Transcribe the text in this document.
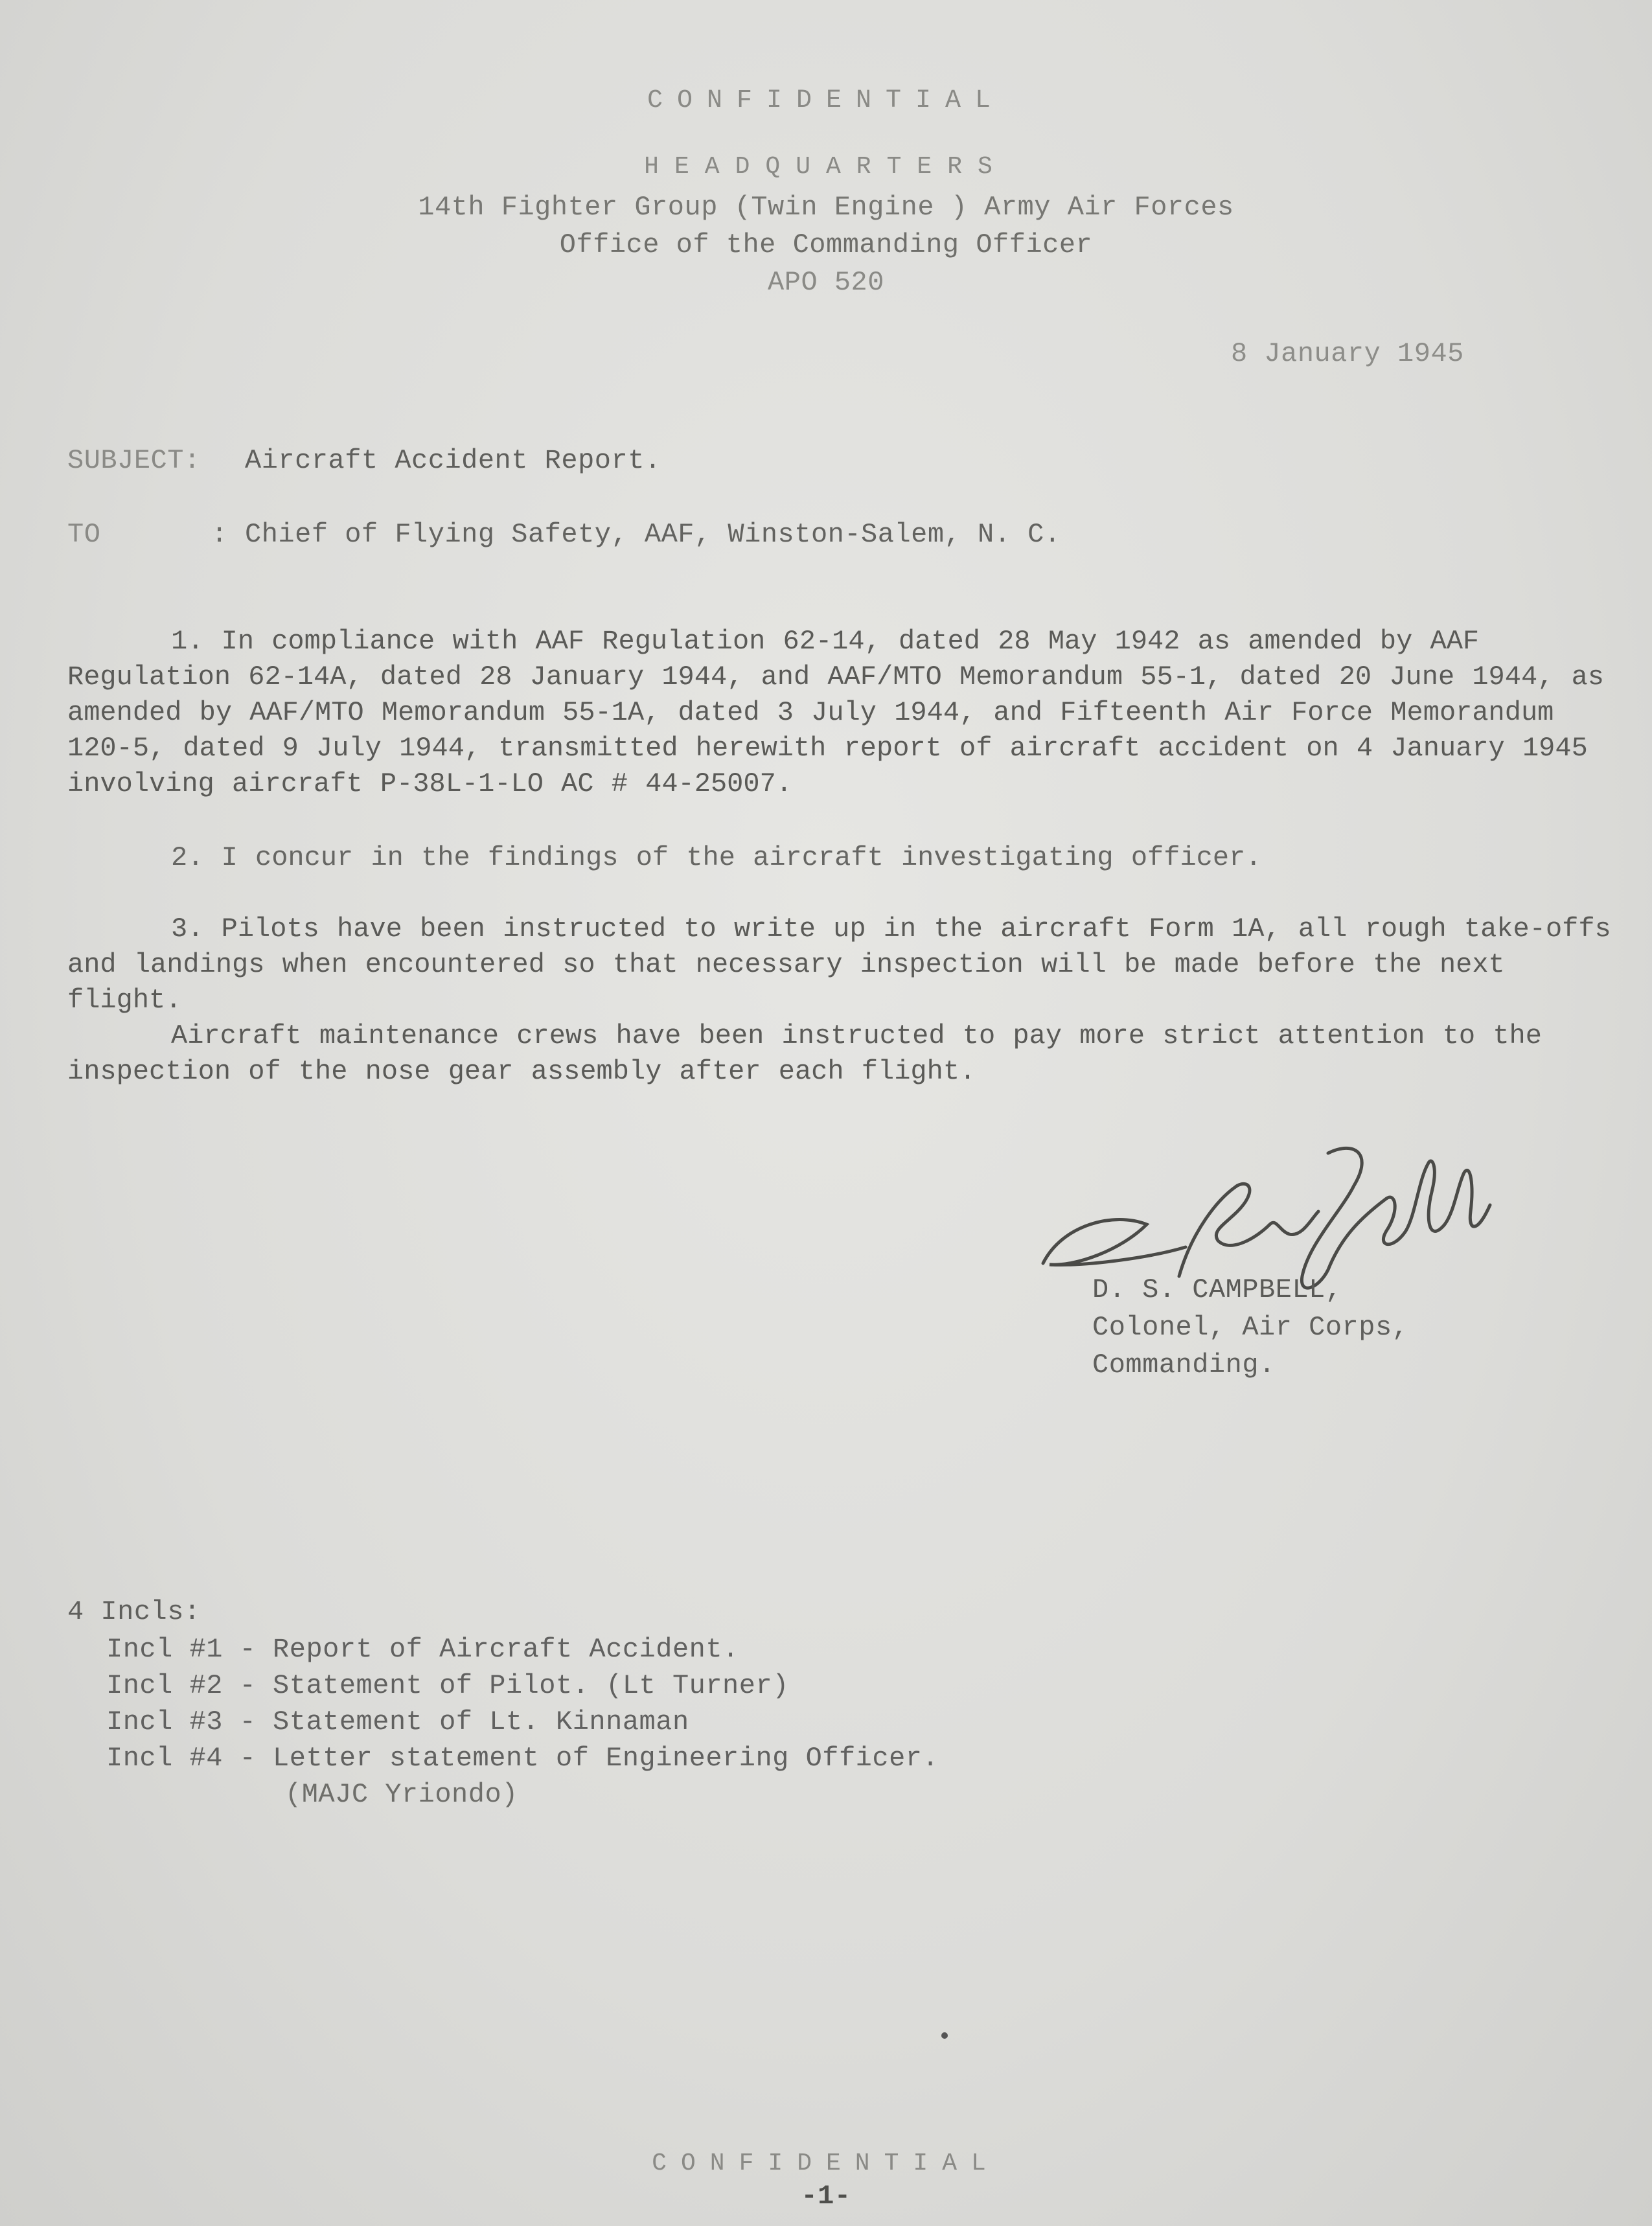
CONFIDENTIAL
HEADQUARTERS
14th Fighter Group (Twin Engine ) Army Air Forces
Office of the Commanding Officer
APO 520
8 January 1945
SUBJECT: Aircraft Accident Report.
TO	: Chief of Flying Safety, AAF, Winston-Salem, N. C.
1. In compliance with AAF Regulation 62-14, dated 28 May 1942 as amended by AAF Regulation 62-14A, dated 28 January 1944, and AAF/MTO Memorandum 55-1, dated 20 June 1944, as amended by AAF/MTO Memorandum 55-1A, dated 3 July 1944, and Fifteenth Air Force Memorandum 120-5, dated 9 July 1944, transmitted herewith report of aircraft accident on 4 January 1945 involving aircraft P-38L-1-LO AC # 44-25007.
2. I concur in the findings of the aircraft investigating officer.
3. Pilots have been instructed to write up in the aircraft Form 1A, all rough take-offs and landings when encountered so that necessary inspection will be made before the next flight.
Aircraft maintenance crews have been instructed to pay more strict attention to the inspection of the nose gear assembly after each flight.
D. S. CAMPBELL,
Colonel, Air Corps,
Commanding.
4 Incls:
Incl #1 - Report of Aircraft Accident.
Incl #2 - Statement of Pilot. (Lt Turner)
Incl #3 - Statement of Lt. Kinnaman
Incl #4 - Letter statement of Engineering Officer.
(MAJC Yriondo)
CONFIDENTIAL
-1-
